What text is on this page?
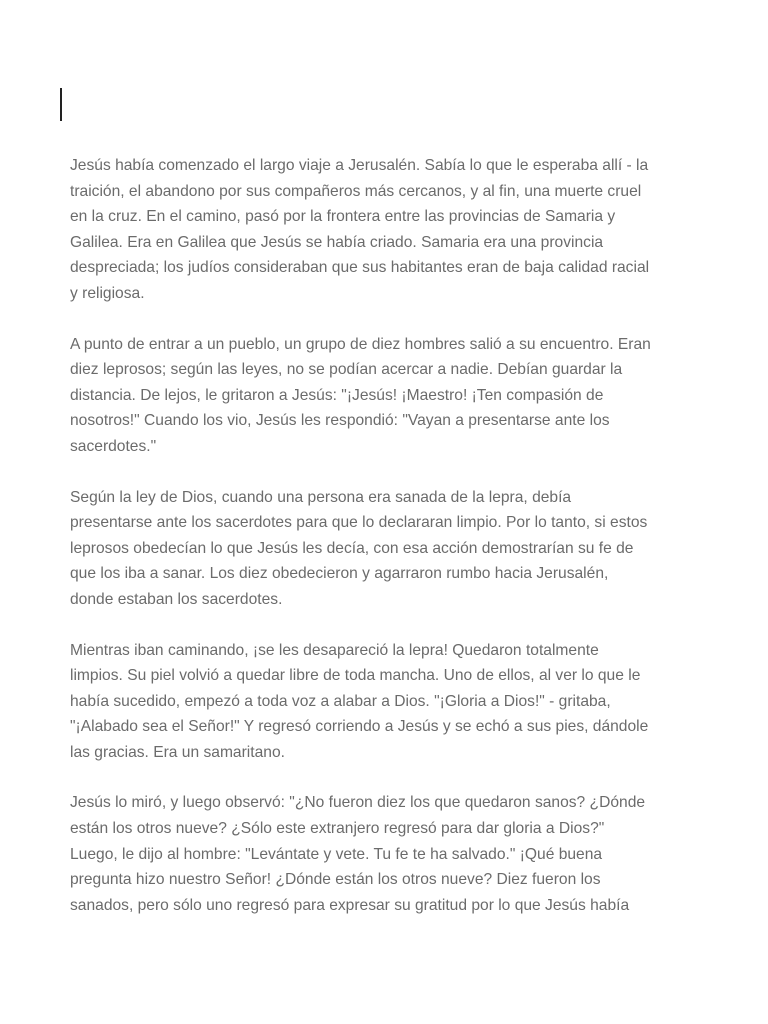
Jesús había comenzado el largo viaje a Jerusalén. Sabía lo que le esperaba allí - la
traición, el abandono por sus compañeros más cercanos, y al fin, una muerte cruel
en la cruz. En el camino, pasó por la frontera entre las provincias de Samaria y
Galilea. Era en Galilea que Jesús se había criado. Samaria era una provincia
despreciada; los judíos consideraban que sus habitantes eran de baja calidad racial
y religiosa.

A punto de entrar a un pueblo, un grupo de diez hombres salió a su encuentro. Eran
diez leprosos; según las leyes, no se podían acercar a nadie. Debían guardar la
distancia. De lejos, le gritaron a Jesús: "¡Jesús! ¡Maestro! ¡Ten compasión de
nosotros!" Cuando los vio, Jesús les respondió: "Vayan a presentarse ante los
sacerdotes."

Según la ley de Dios, cuando una persona era sanada de la lepra, debía
presentarse ante los sacerdotes para que lo declararan limpio. Por lo tanto, si estos
leprosos obedecían lo que Jesús les decía, con esa acción demostrarían su fe de
que los iba a sanar. Los diez obedecieron y agarraron rumbo hacia Jerusalén,
donde estaban los sacerdotes.

Mientras iban caminando, ¡se les desapareció la lepra! Quedaron totalmente
limpios. Su piel volvió a quedar libre de toda mancha. Uno de ellos, al ver lo que le
había sucedido, empezó a toda voz a alabar a Dios. "¡Gloria a Dios!" - gritaba,
"¡Alabado sea el Señor!" Y regresó corriendo a Jesús y se echó a sus pies, dándole
las gracias. Era un samaritano.

Jesús lo miró, y luego observó: "¿No fueron diez los que quedaron sanos? ¿Dónde
están los otros nueve? ¿Sólo este extranjero regresó para dar gloria a Dios?"
Luego, le dijo al hombre: "Levántate y vete. Tu fe te ha salvado." ¡Qué buena
pregunta hizo nuestro Señor! ¿Dónde están los otros nueve? Diez fueron los
sanados, pero sólo uno regresó para expresar su gratitud por lo que Jesús había
